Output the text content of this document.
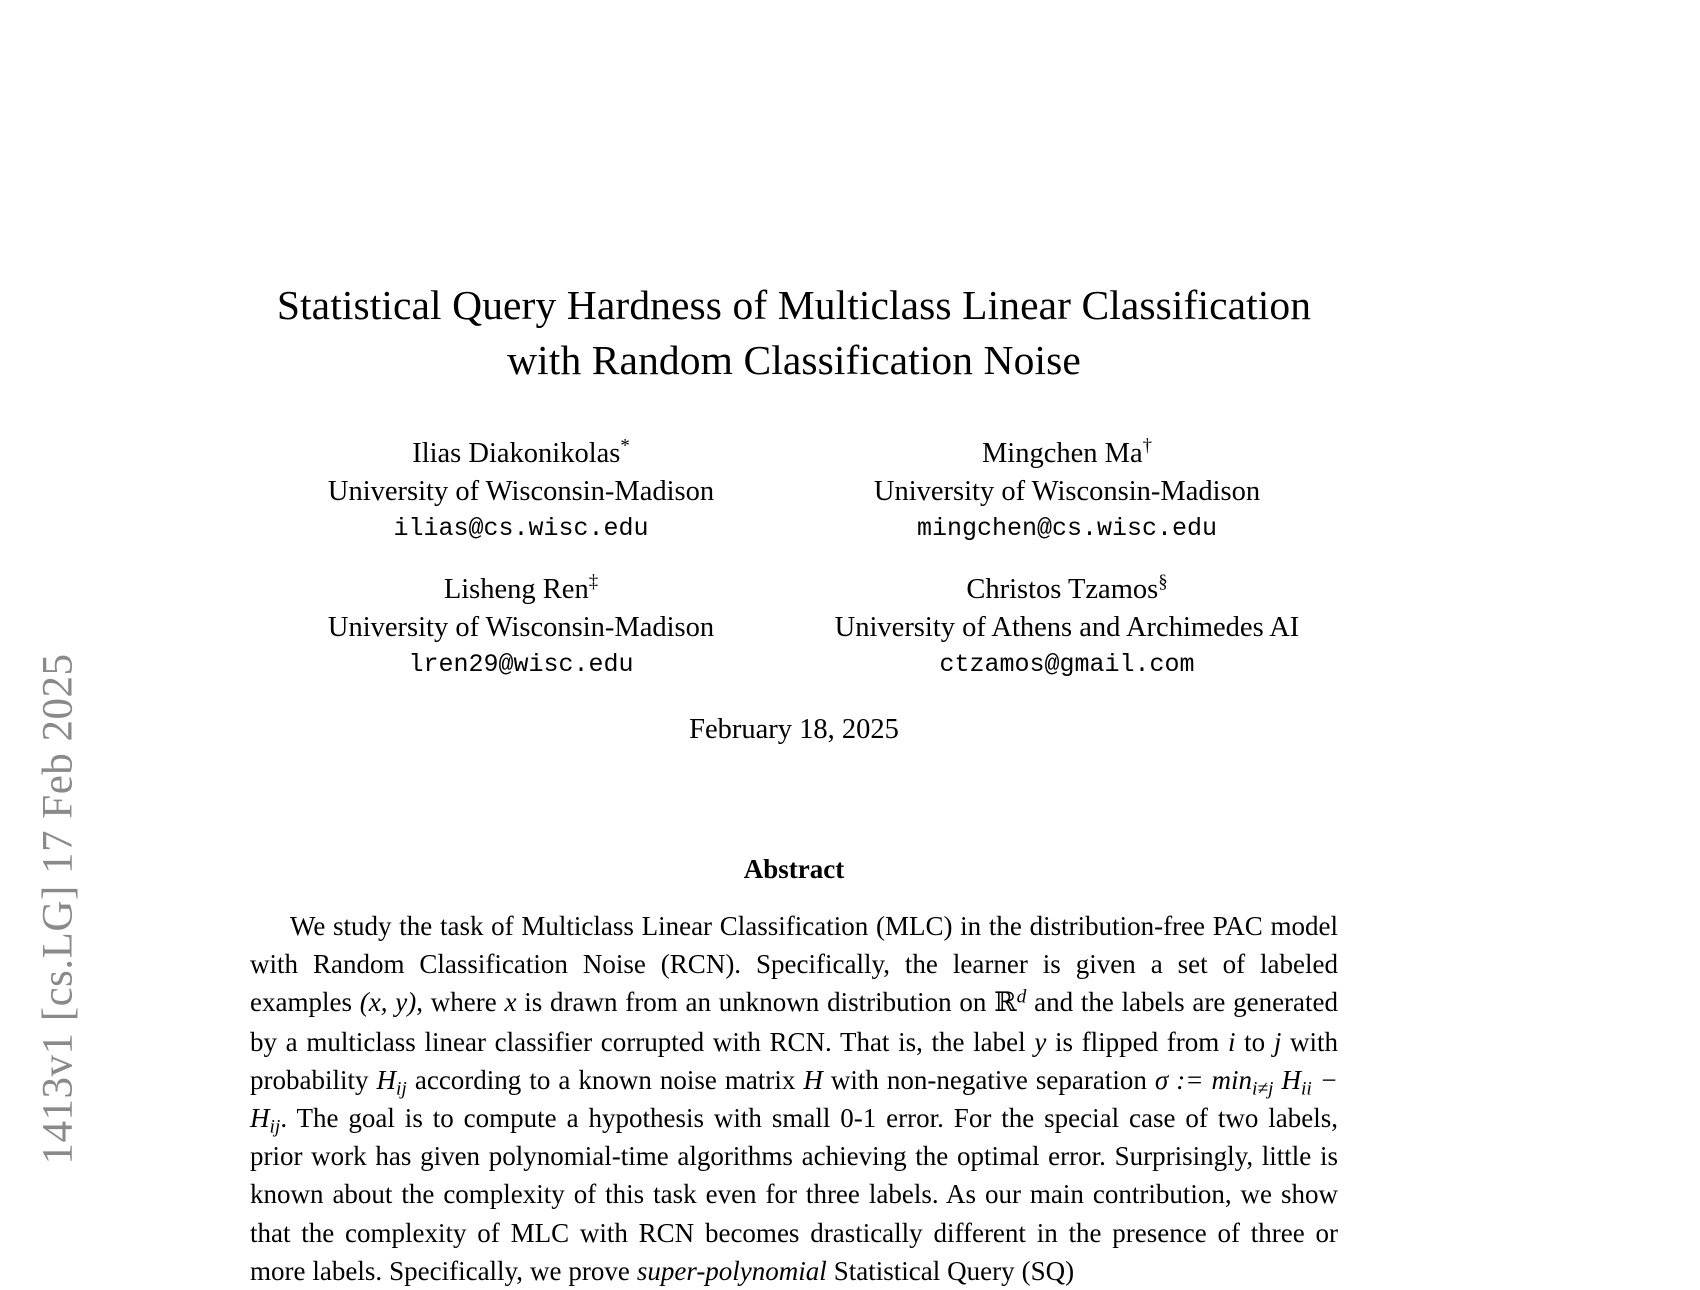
1413v1 [cs.LG] 17 Feb 2025
Statistical Query Hardness of Multiclass Linear Classification
with Random Classification Noise
Ilias Diakonikolas*
University of Wisconsin-Madison
ilias@cs.wisc.edu
Mingchen Ma†
University of Wisconsin-Madison
mingchen@cs.wisc.edu
Lisheng Ren‡
University of Wisconsin-Madison
lren29@wisc.edu
Christos Tzamos§
University of Athens and Archimedes AI
ctzamos@gmail.com
February 18, 2025
Abstract
We study the task of Multiclass Linear Classification (MLC) in the distribution-free PAC model with Random Classification Noise (RCN). Specifically, the learner is given a set of labeled examples (x, y), where x is drawn from an unknown distribution on ℝ$^d$ and the labels are generated by a multiclass linear classifier corrupted with RCN. That is, the label y is flipped from i to j with probability $H_{ij}$ according to a known noise matrix H with non-negative separation σ := $\min_{i\ne j} H_{ii} - H_{ij}$. The goal is to compute a hypothesis with small 0-1 error. For the special case of two labels, prior work has given polynomial-time algorithms achieving the optimal error. Surprisingly, little is known about the complexity of this task even for three labels. As our main contribution, we show that the complexity of MLC with RCN becomes drastically different in the presence of three or more labels. Specifically, we prove super-polynomial Statistical Query (SQ)
